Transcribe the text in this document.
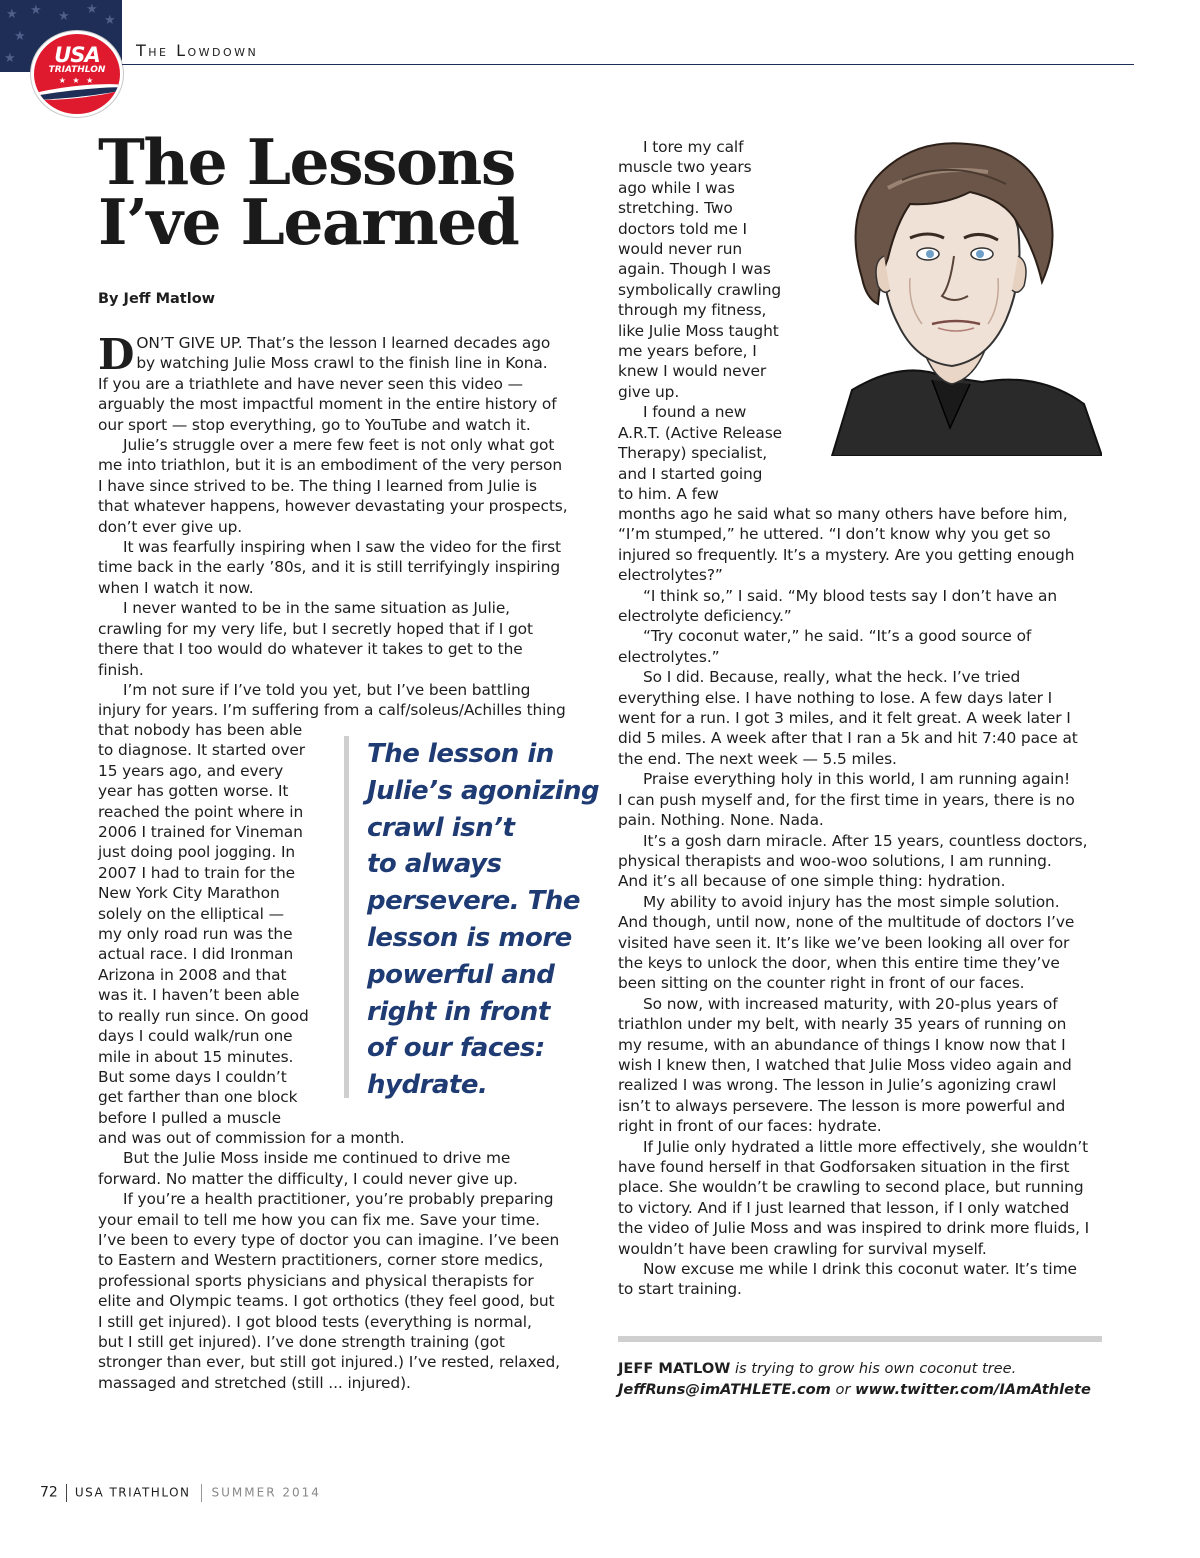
★ ★ ★ ★
★
★
★	USA
TRIATHLON
★ ★ ★
The Lowdown
The Lessons
I’ve Learned
By Jeff Matlow
D ON’T GIVE UP. That’s the lesson I learned decades ago
by watching Julie Moss crawl to the finish line in Kona.
If you are a triathlete and have never seen this video —
arguably the most impactful moment in the entire history of
our sport — stop everything, go to YouTube and watch it.
Julie’s struggle over a mere few feet is not only what got
me into triathlon, but it is an embodiment of the very person
I have since strived to be. The thing I learned from Julie is
that whatever happens, however devastating your prospects,
don’t ever give up.
It was fearfully inspiring when I saw the video for the first
time back in the early ’80s, and it is still terrifyingly inspiring
when I watch it now.
I never wanted to be in the same situation as Julie,
crawling for my very life, but I secretly hoped that if I got
there that I too would do whatever it takes to get to the
finish.
I’m not sure if I’ve told you yet, but I’ve been battling
injury for years. I’m suffering from a calf/soleus/Achilles thing
that nobody has been able
to diagnose. It started over
15 years ago, and every
year has gotten worse. It
reached the point where in
2006 I trained for Vineman
just doing pool jogging. In
2007 I had to train for the
New York City Marathon
solely on the elliptical —
my only road run was the
actual race. I did Ironman
Arizona in 2008 and that
was it. I haven’t been able
to really run since. On good
days I could walk/run one
mile in about 15 minutes.
But some days I couldn’t
get farther than one block
before I pulled a muscle
and was out of commission for a month.
But the Julie Moss inside me continued to drive me
forward. No matter the difficulty, I could never give up.
If you’re a health practitioner, you’re probably preparing
your email to tell me how you can fix me. Save your time.
I’ve been to every type of doctor you can imagine. I’ve been
to Eastern and Western practitioners, corner store medics,
professional sports physicians and physical therapists for
elite and Olympic teams. I got orthotics (they feel good, but
I still get injured). I got blood tests (everything is normal,
but I still get injured). I’ve done strength training (got
stronger than ever, but still got injured.) I’ve rested, relaxed,
massaged and stretched (still ... injured).
The lesson in
Julie’s agonizing
crawl isn’t
to always
persevere. The
lesson is more
powerful and
right in front
of our faces:
hydrate.
I tore my calf
muscle two years
ago while I was
stretching. Two
doctors told me I
would never run
again. Though I was
symbolically crawling
through my fitness,
like Julie Moss taught
me years before, I
knew I would never
give up.
I found a new
A.R.T. (Active Release
Therapy) specialist,
and I started going
to him. A few
months ago he said what so many others have before him,
“I’m stumped,” he uttered. “I don’t know why you get so
injured so frequently. It’s a mystery. Are you getting enough
electrolytes?”
“I think so,” I said. “My blood tests say I don’t have an
electrolyte deficiency.”
“Try coconut water,” he said. “It’s a good source of
electrolytes.”
So I did. Because, really, what the heck. I’ve tried
everything else. I have nothing to lose. A few days later I
went for a run. I got 3 miles, and it felt great. A week later I
did 5 miles. A week after that I ran a 5k and hit 7:40 pace at
the end. The next week — 5.5 miles.
Praise everything holy in this world, I am running again!
I can push myself and, for the first time in years, there is no
pain. Nothing. None. Nada.
It’s a gosh darn miracle. After 15 years, countless doctors,
physical therapists and woo-woo solutions, I am running.
And it’s all because of one simple thing: hydration.
My ability to avoid injury has the most simple solution.
And though, until now, none of the multitude of doctors I’ve
visited have seen it. It’s like we’ve been looking all over for
the keys to unlock the door, when this entire time they’ve
been sitting on the counter right in front of our faces.
So now, with increased maturity, with 20-plus years of
triathlon under my belt, with nearly 35 years of running on
my resume, with an abundance of things I know now that I
wish I knew then, I watched that Julie Moss video again and
realized I was wrong. The lesson in Julie’s agonizing crawl
isn’t to always persevere. The lesson is more powerful and
right in front of our faces: hydrate.
If Julie only hydrated a little more effectively, she wouldn’t
have found herself in that Godforsaken situation in the first
place. She wouldn’t be crawling to second place, but running
to victory. And if I just learned that lesson, if I only watched
the video of Julie Moss and was inspired to drink more fluids, I
wouldn’t have been crawling for survival myself.
Now excuse me while I drink this coconut water. It’s time
to start training.
JEFF MATLOW is trying to grow his own coconut tree.
JeffRuns@imATHLETE.com or www.twitter.com/IAmAthlete
72 USA TRIATHLON SUMMER 2014
